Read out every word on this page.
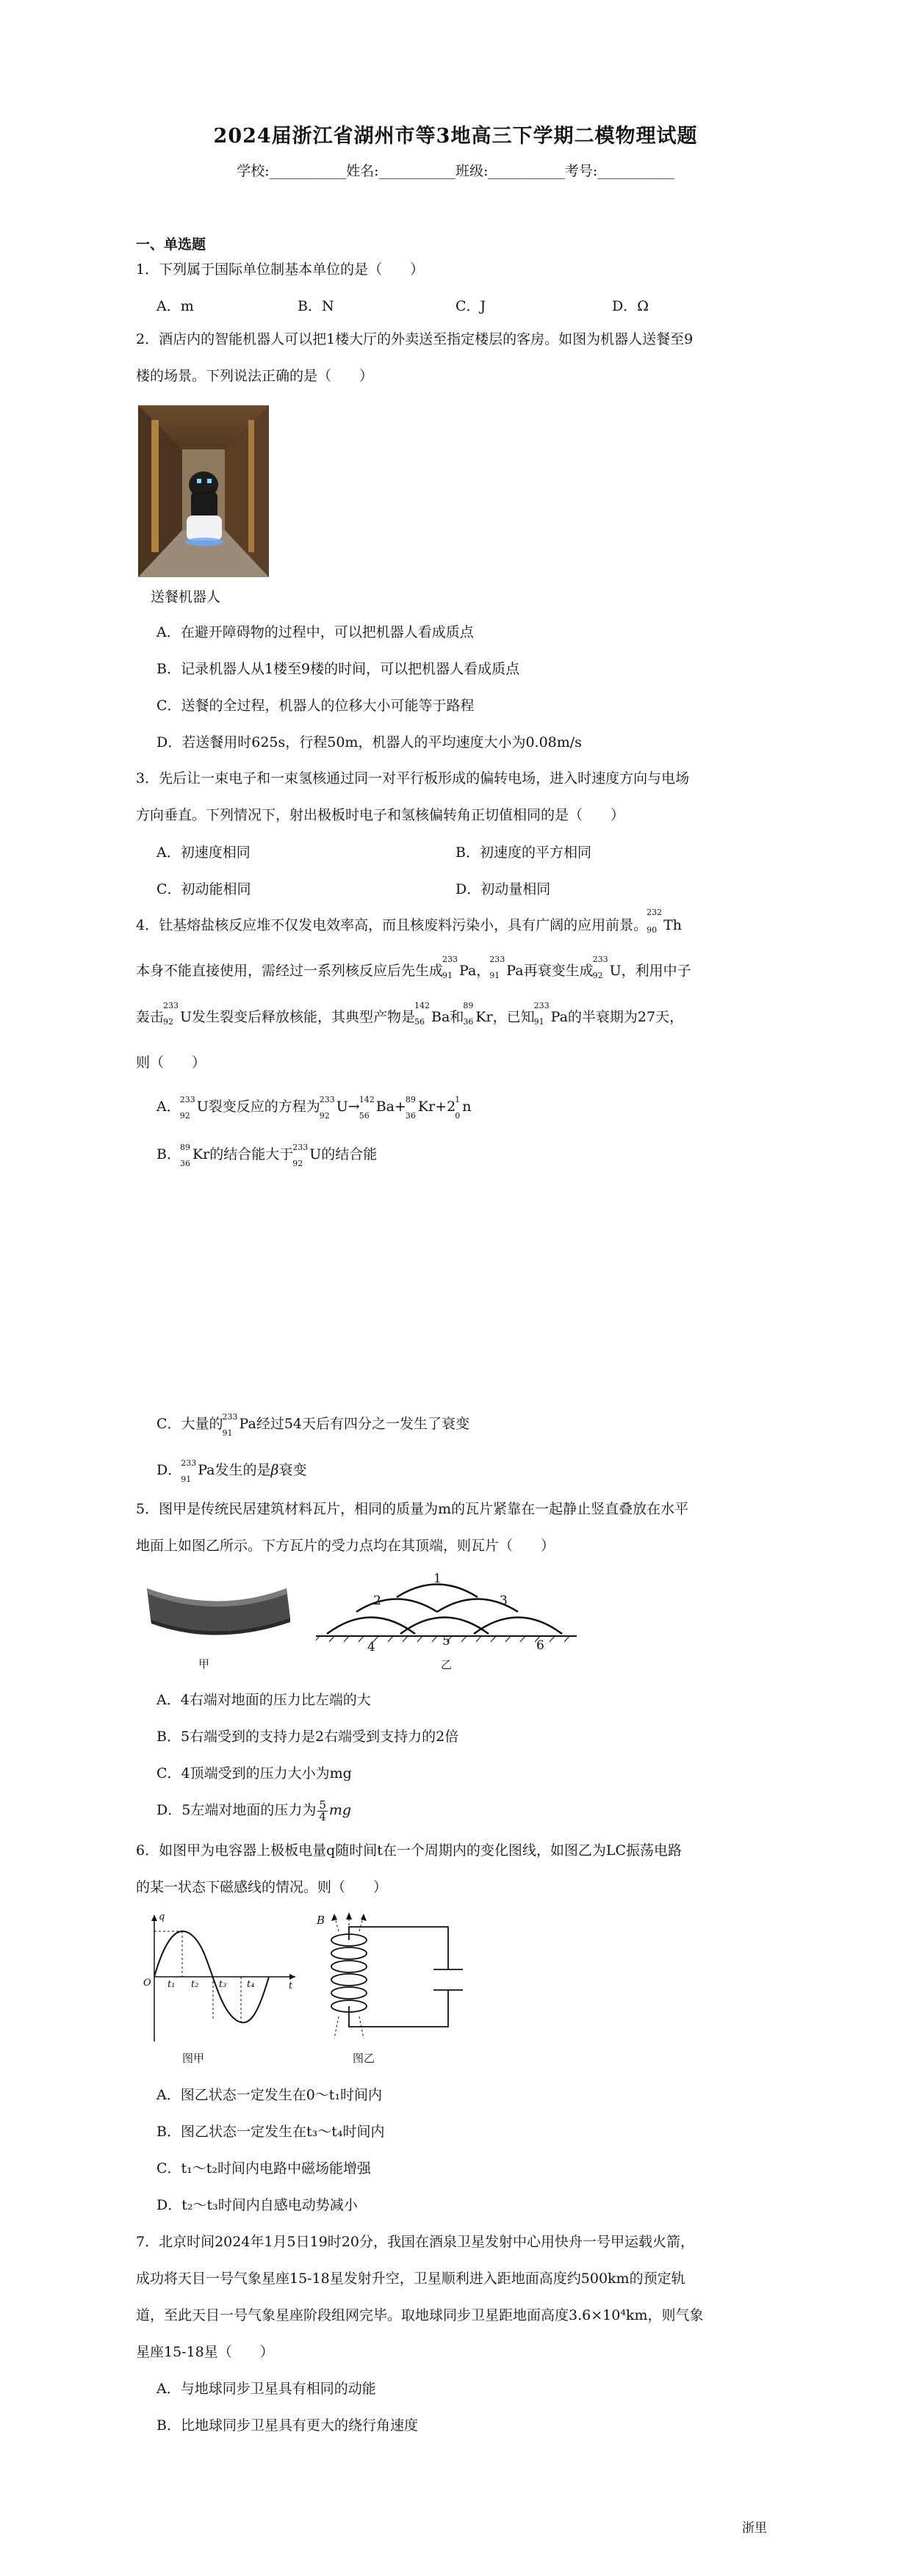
2024届浙江省湖州市等3地高三下学期二模物理试题
学校:___________姓名:___________班级:___________考号:___________
一、单选题
1．下列属于国际单位制基本单位的是（　　）
A．m	B．N	C．J	D．Ω
2．酒店内的智能机器人可以把1楼大厅的外卖送至指定楼层的客房。如图为机器人送餐至9
楼的场景。下列说法正确的是（　　）
送餐机器人
A．在避开障碍物的过程中，可以把机器人看成质点
B．记录机器人从1楼至9楼的时间，可以把机器人看成质点
C．送餐的全过程，机器人的位移大小可能等于路程
D．若送餐用时625s，行程50m，机器人的平均速度大小为0.08m/s
3．先后让一束电子和一束氢核通过同一对平行板形成的偏转电场，进入时速度方向与电场
方向垂直。下列情况下，射出极板时电子和氢核偏转角正切值相同的是（　　）
A．初速度相同	B．初速度的平方相同
C．初动能相同	D．初动量相同
4．钍基熔盐核反应堆不仅发电效率高，而且核废料污染小，具有广阔的应用前景。
232
90 Th
本身不能直接使用，需经过一系列核反应后先生成
233
91 Pa，
233
91 Pa再衰变生成
233
92 U，利用中子
轰击
233
92 U发生裂变后释放核能，其典型产物是
142
56 Ba和
89
36 Kr，已知
233
91 Pa的半衰期为27天，
则（　　）
A． 233
92
U裂变反应的方程为 233
92
U→ 142
56
Ba+ 89
36
Kr+2 1
0
n
B． 89
36
Kr的结合能大于 233
92
U的结合能
C．大量的 233
91
Pa经过54天后有四分之一发生了衰变
D． 233
91
Pa发生的是β衰变
5．图甲是传统民居建筑材料瓦片，相同的质量为m的瓦片紧靠在一起静止竖直叠放在水平
地面上如图乙所示。下方瓦片的受力点均在其顶端，则瓦片（　　）
甲
1
2	3
4	5	6
乙
A．4右端对地面的压力比左端的大
B．5右端受到的支持力是2右端受到支持力的2倍
C．4顶端受到的压力大小为mg
D．5左端对地面的压力为 $\frac{5}{4}$ mg
6．如图甲为电容器上极板电量q随时间t在一个周期内的变化图线，如图乙为LC振荡电路
的某一状态下磁感线的情况。则（　　）
q
t
O t₁ t₂ t₃ t₄
图甲
B
图乙
A．图乙状态一定发生在0～t₁时间内
B．图乙状态一定发生在t₃～t₄时间内
C．t₁～t₂时间内电路中磁场能增强
D．t₂～t₃时间内自感电动势减小
7．北京时间2024年1月5日19时20分，我国在酒泉卫星发射中心用快舟一号甲运载火箭，
成功将天目一号气象星座15-18星发射升空，卫星顺利进入距地面高度约500km的预定轨
道，至此天目一号气象星座阶段组网完毕。取地球同步卫星距地面高度3.6×10⁴km，则气象
星座15-18星（　　）
A．与地球同步卫星具有相同的动能
B．比地球同步卫星具有更大的绕行角速度
浙里
